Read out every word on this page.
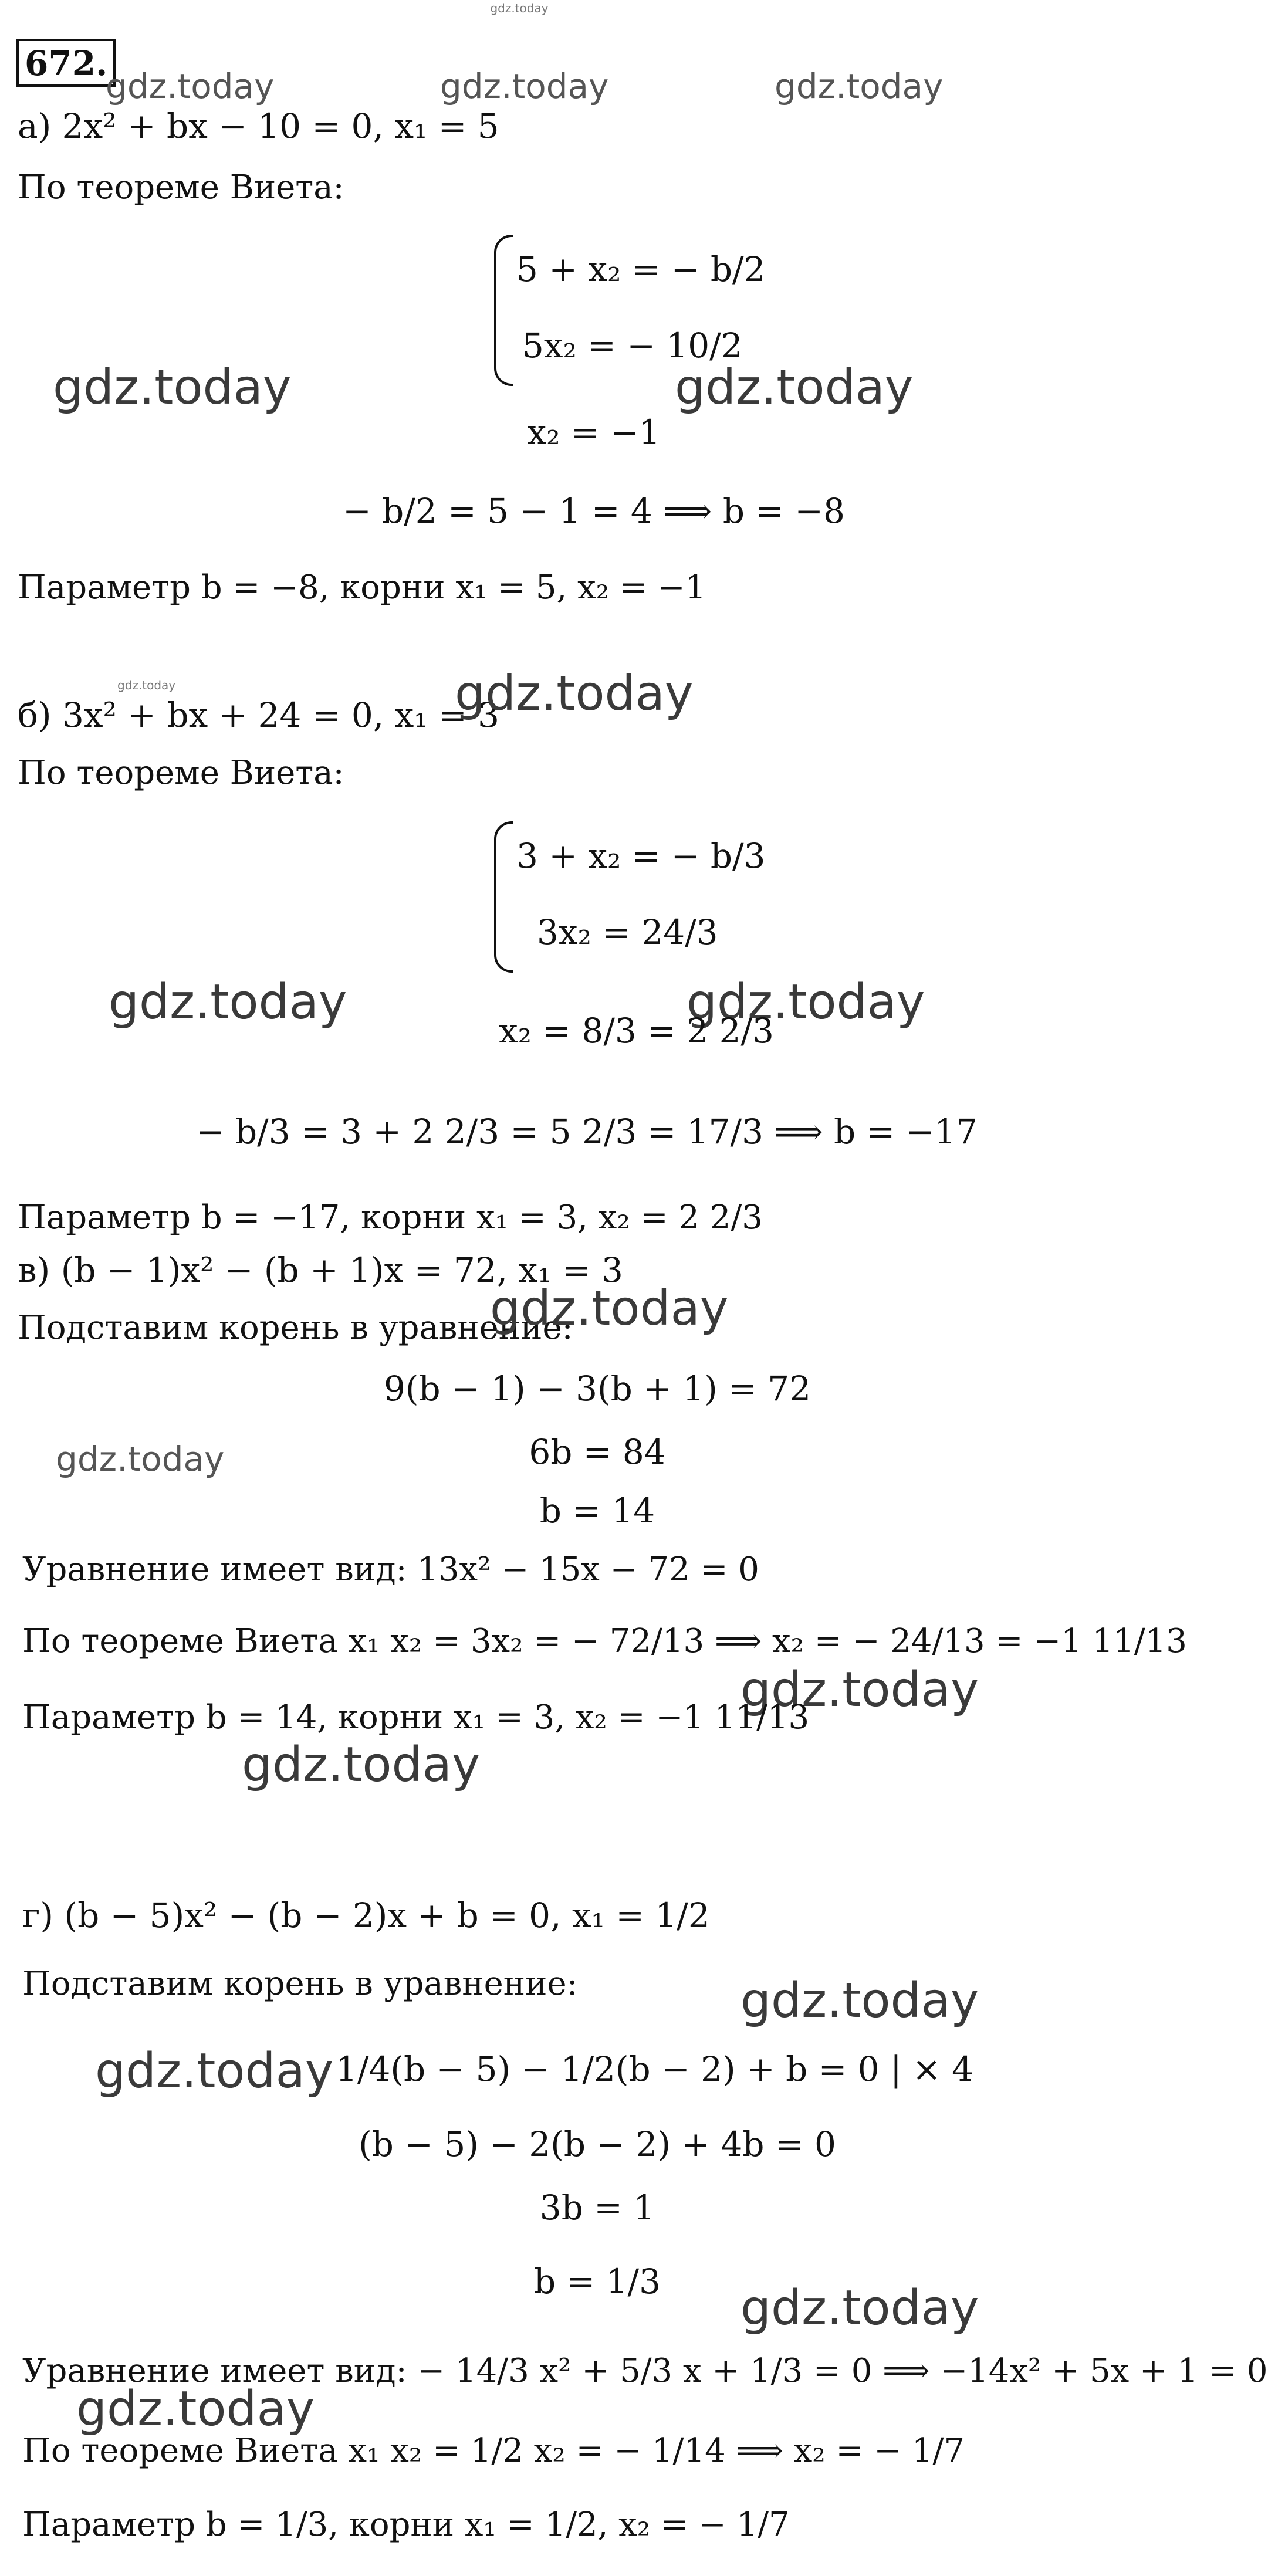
gdz.today
672.
gdz.today	gdz.today	gdz.today
а) 2x² + bx − 10 = 0, x₁ = 5
По теореме Виета:
5 + x₂ = − b/2
5x₂ = − 10/2
gdz.today	gdz.today
x₂ = −1
− b/2 = 5 − 1 = 4 ⟹ b = −8
Параметр b = −8, корни x₁ = 5, x₂ = −1
gdz.today
б) 3x² + bx + 24 = 0, x₁ = 3
gdz.today
По теореме Виета:
3 + x₂ = − b/3
3x₂ = 24/3
gdz.today	gdz.today
x₂ = 8/3 = 2 2/3
− b/3 = 3 + 2 2/3 = 5 2/3 = 17/3 ⟹ b = −17
Параметр b = −17, корни x₁ = 3, x₂ = 2 2/3
в) (b − 1)x² − (b + 1)x = 72, x₁ = 3
Подставим корень в уравнение:
gdz.today
9(b − 1) − 3(b + 1) = 72
gdz.today	6b = 84
b = 14
Уравнение имеет вид: 13x² − 15x − 72 = 0
По теореме Виета x₁ x₂ = 3x₂ = − 72/13 ⟹ x₂ = − 24/13 = −1 11/13
gdz.today
Параметр b = 14, корни x₁ = 3, x₂ = −1 11/13
gdz.today
г) (b − 5)x² − (b − 2)x + b = 0, x₁ = 1/2
Подставим корень в уравнение:	gdz.today
gdz.today 1/4(b − 5) − 1/2(b − 2) + b = 0 | × 4
(b − 5) − 2(b − 2) + 4b = 0
3b = 1
b = 1/3 gdz.today
Уравнение имеет вид: − 14/3 x² + 5/3 x + 1/3 = 0 ⟹ −14x² + 5x + 1 = 0
gdz.today
По теореме Виета x₁ x₂ = 1/2 x₂ = − 1/14 ⟹ x₂ = − 1/7
Параметр b = 1/3, корни x₁ = 1/2, x₂ = − 1/7
